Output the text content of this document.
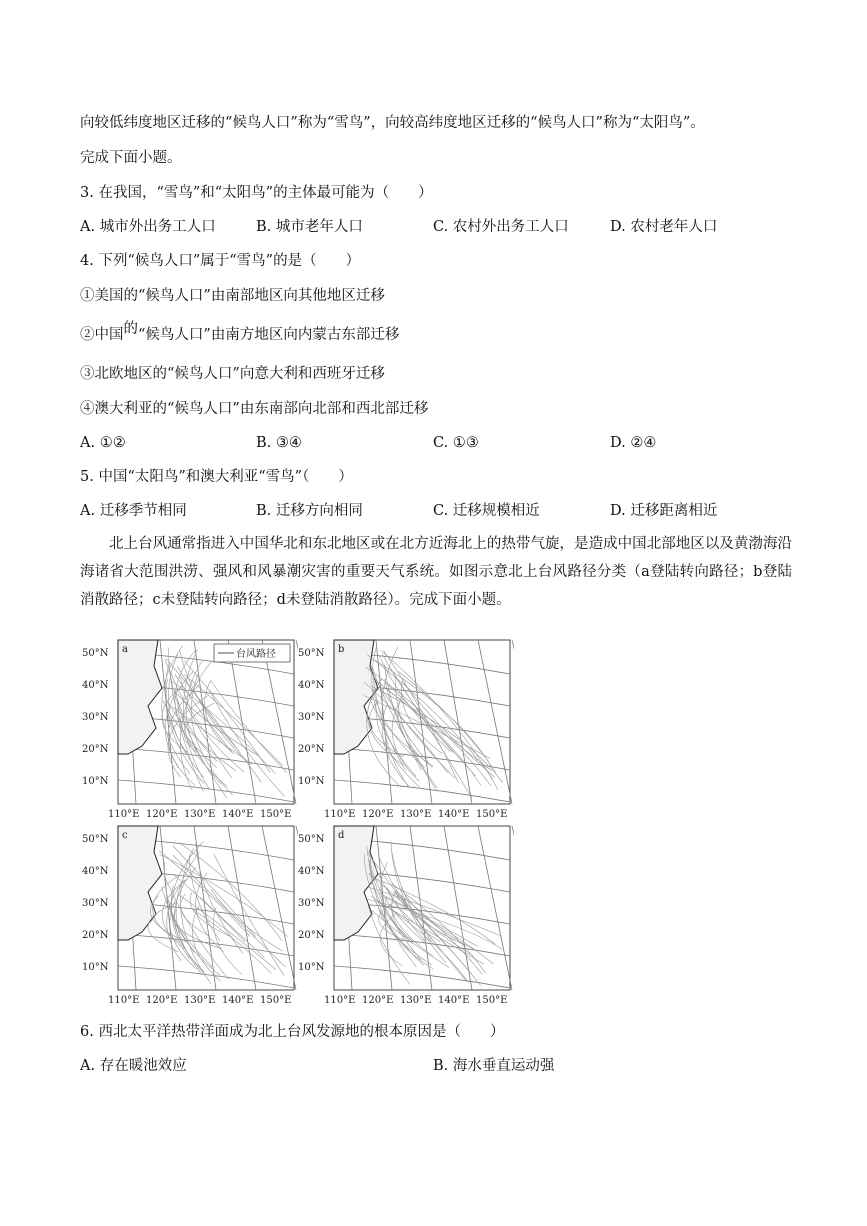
向较低纬度地区迁移的“候鸟人口”称为“雪鸟”，向较高纬度地区迁移的“候鸟人口”称为“太阳鸟”。
完成下面小题。
3. 在我国，“雪鸟”和“太阳鸟”的主体最可能为（　　）
A. 城市外出务工人口	B. 城市老年人口	C. 农村外出务工人口	D. 农村老年人口
4. 下列“候鸟人口”属于“雪鸟”的是（　　）
①美国的“候鸟人口”由南部地区向其他地区迁移
②中国的“候鸟人口”由南方地区向内蒙古东部迁移
③北欧地区的“候鸟人口”向意大利和西班牙迁移
④澳大利亚的“候鸟人口”由东南部向北部和西北部迁移
A. ①②	B. ③④	C. ①③	D. ②④
5. 中国“太阳鸟”和澳大利亚“雪鸟”（　　）
A. 迁移季节相同	B. 迁移方向相同	C. 迁移规模相近	D. 迁移距离相近
北上台风通常指进入中国华北和东北地区或在北方近海北上的热带气旋，是造成中国北部地区以及黄渤海沿海诸省大范围洪涝、强风和风暴潮灾害的重要天气系统。如图示意北上台风路径分类（a登陆转向路径；b登陆消散路径；c未登陆转向路径；d未登陆消散路径）。完成下面小题。
a	台风路径
50°N
40°N
30°N
20°N
10°N
110°E 120°E 130°E 140°E 150°E
b
50°N
40°N
30°N
20°N
10°N
110°E 120°E 130°E 140°E 150°E
c
50°N
40°N
30°N
20°N
10°N
110°E 120°E 130°E 140°E 150°E
d
50°N
40°N
30°N
20°N
10°N
110°E 120°E 130°E 140°E 150°E
6. 西北太平洋热带洋面成为北上台风发源地的根本原因是（　　）
A. 存在暖池效应	B. 海水垂直运动强
